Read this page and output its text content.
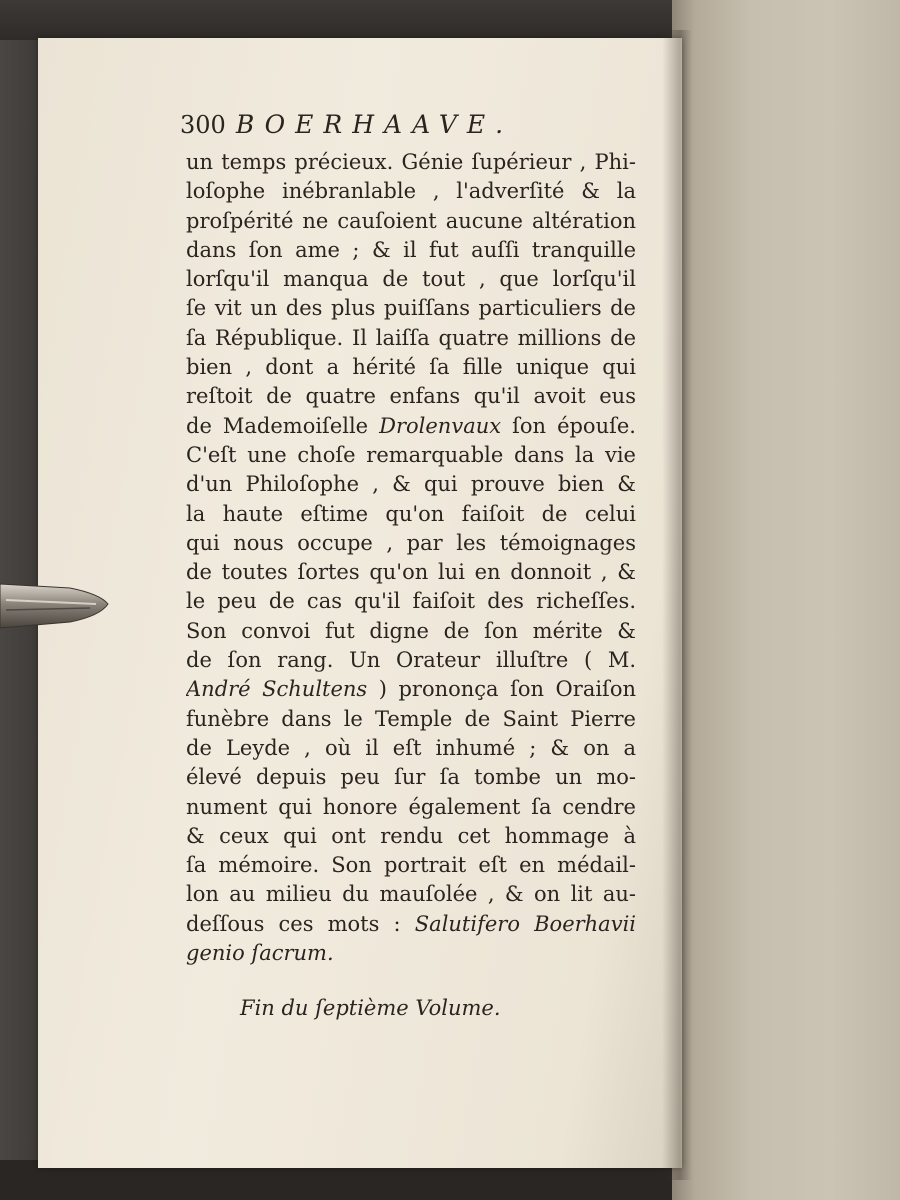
300 BOERHAAVE.
un temps précieux. Génie ſupérieur , Phi-
loſophe inébranlable , l'adverſité & la
proſpérité ne cauſoient aucune altération
dans ſon ame ; & il fut auſſi tranquille
lorſqu'il manqua de tout , que lorſqu'il
ſe vit un des plus puiſſans particuliers de
ſa République. Il laiſſa quatre millions de
bien , dont a hérité ſa fille unique qui
reſtoit de quatre enfans qu'il avoit eus
de Mademoiſelle Drolenvaux ſon épouſe.
C'eſt une choſe remarquable dans la vie
d'un Philoſophe , & qui prouve bien &
la haute eſtime qu'on faiſoit de celui
qui nous occupe , par les témoignages
de toutes ſortes qu'on lui en donnoit , &
le peu de cas qu'il faiſoit des richeſſes.
Son convoi fut digne de ſon mérite &
de ſon rang. Un Orateur illuſtre ( M.
André Schultens ) prononça ſon Oraiſon
funèbre dans le Temple de Saint Pierre
de Leyde , où il eſt inhumé ; & on a
élevé depuis peu ſur ſa tombe un mo-
nument qui honore également ſa cendre
& ceux qui ont rendu cet hommage à
ſa mémoire. Son portrait eſt en médail-
lon au milieu du mauſolée , & on lit au-
deſſous ces mots : Salutifero Boerhavii
genio ſacrum.
Fin du ſeptième Volume.
